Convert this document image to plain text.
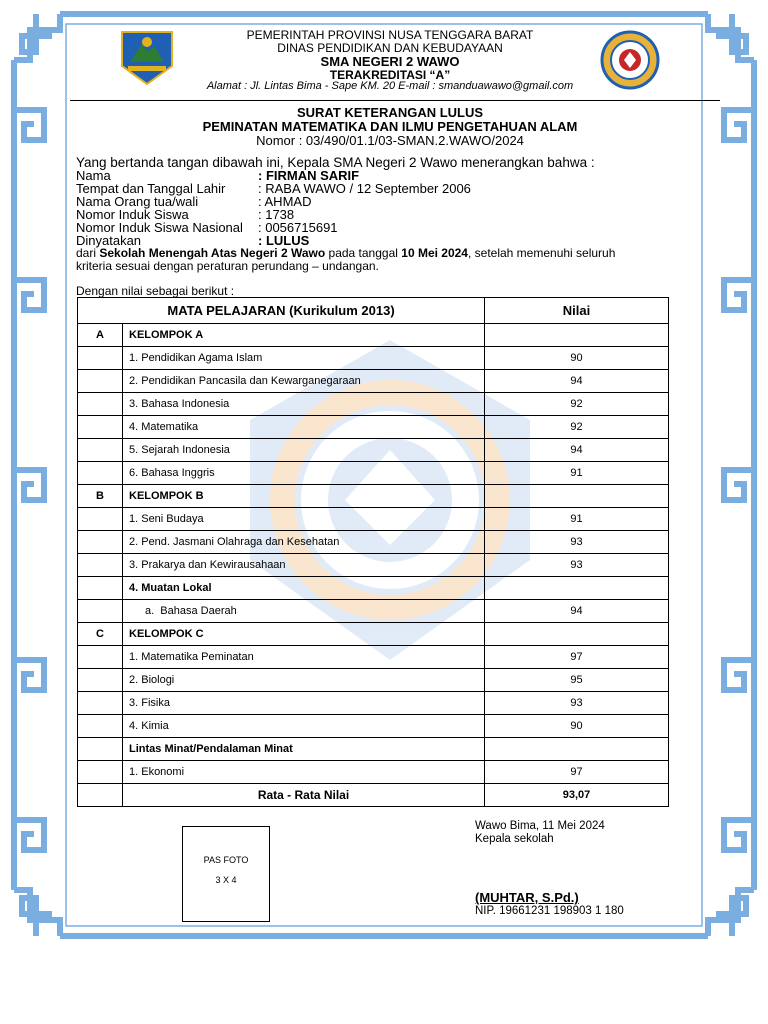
PEMERINTAH PROVINSI NUSA TENGGARA BARAT
DINAS PENDIDIKAN DAN KEBUDAYAAN
SMA NEGERI 2 WAWO
TERAKREDITASI “A”
Alamat : Jl. Lintas Bima - Sape KM. 20 E-mail : smanduawawo@gmail.com
SURAT KETERANGAN LULUS
PEMINATAN MATEMATIKA DAN ILMU PENGETAHUAN ALAM
Nomor : 03/490/01.1/03-SMAN.2.WAWO/2024
Yang bertanda tangan dibawah ini, Kepala SMA Negeri 2 Wawo menerangkan bahwa :
Nama	: FIRMAN SARIF
Tempat dan Tanggal Lahir	: RABA WAWO / 12 September 2006
Nama Orang tua/wali	: AHMAD
Nomor Induk Siswa	: 1738
Nomor Induk Siswa Nasional : 0056715691
Dinyatakan	: LULUS
dari Sekolah Menengah Atas Negeri 2 Wawo pada tanggal 10 Mei 2024, setelah memenuhi seluruh
kriteria sesuai dengan peraturan perundang – undangan.
Dengan nilai sebagai berikut :
MATA PELAJARAN (Kurikulum 2013)		Nilai
A	KELOMPOK A	
	1. Pendidikan Agama Islam	90
	2. Pendidikan Pancasila dan Kewarganegaraan	94
	3. Bahasa Indonesia	92
	4. Matematika	92
	5. Sejarah Indonesia	94
	6. Bahasa Inggris	91
B	KELOMPOK B	
	1. Seni Budaya	91
	2. Pend. Jasmani Olahraga dan Kesehatan	93
	3. Prakarya dan Kewirausahaan	93
	4. Muatan Lokal	
	a.  Bahasa Daerah	94
C	KELOMPOK C	
	1. Matematika Peminatan	97
	2. Biologi	95
	3. Fisika	93
	4. Kimia	90
	Lintas Minat/Pendalaman Minat	
	1. Ekonomi	97
	Rata - Rata Nilai	93,07
PAS FOTO
3 X 4
Wawo Bima, 11 Mei 2024
Kepala sekolah
(MUHTAR, S.Pd.)
NIP. 19661231 198903 1 180
